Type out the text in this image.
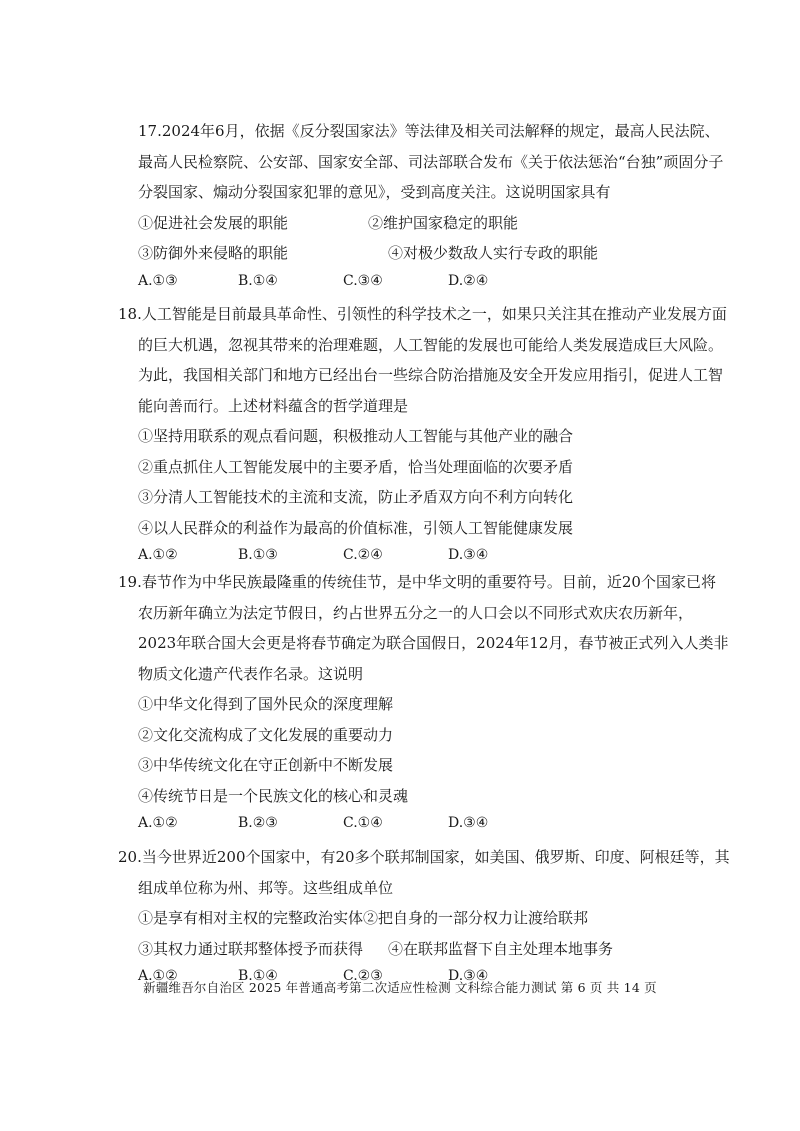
17.2024年6月，依据《反分裂国家法》等法律及相关司法解释的规定，最高人民法院、最高人民检察院、公安部、国家安全部、司法部联合发布《关于依法惩治“台独”顽固分子分裂国家、煽动分裂国家犯罪的意见》，受到高度关注。这说明国家具有

①促进社会发展的职能	②维护国家稳定的职能
③防御外来侵略的职能	④对极少数敌人实行专政的职能
A.①③	B.①④	C.③④	D.②④

18.人工智能是目前最具革命性、引领性的科学技术之一，如果只关注其在推动产业发展方面的巨大机遇，忽视其带来的治理难题，人工智能的发展也可能给人类发展造成巨大风险。为此，我国相关部门和地方已经出台一些综合防治措施及安全开发应用指引，促进人工智能向善而行。上述材料蕴含的哲学道理是

①坚持用联系的观点看问题，积极推动人工智能与其他产业的融合
②重点抓住人工智能发展中的主要矛盾，恰当处理面临的次要矛盾
③分清人工智能技术的主流和支流，防止矛盾双方向不利方向转化
④以人民群众的利益作为最高的价值标准，引领人工智能健康发展
A.①②	B.①③	C.②④	D.③④

19.春节作为中华民族最隆重的传统佳节，是中华文明的重要符号。目前，近20个国家已将农历新年确立为法定节假日，约占世界五分之一的人口会以不同形式欢庆农历新年，2023年联合国大会更是将春节确定为联合国假日，2024年12月，春节被正式列入人类非物质文化遗产代表作名录。这说明

①中华文化得到了国外民众的深度理解
②文化交流构成了文化发展的重要动力
③中华传统文化在守正创新中不断发展
④传统节日是一个民族文化的核心和灵魂
A.①②	B.②③	C.①④	D.③④

20.当今世界近200个国家中，有20多个联邦制国家，如美国、俄罗斯、印度、阿根廷等，其组成单位称为州、邦等。这些组成单位

①是享有相对主权的完整政治实体②把自身的一部分权力让渡给联邦
③其权力通过联邦整体授予而获得 ④在联邦监督下自主处理本地事务
A.①②	B.①④	C.②③	D.③④
新疆维吾尔自治区 2025 年普通高考第二次适应性检测 文科综合能力测试 第 6 页 共 14 页
